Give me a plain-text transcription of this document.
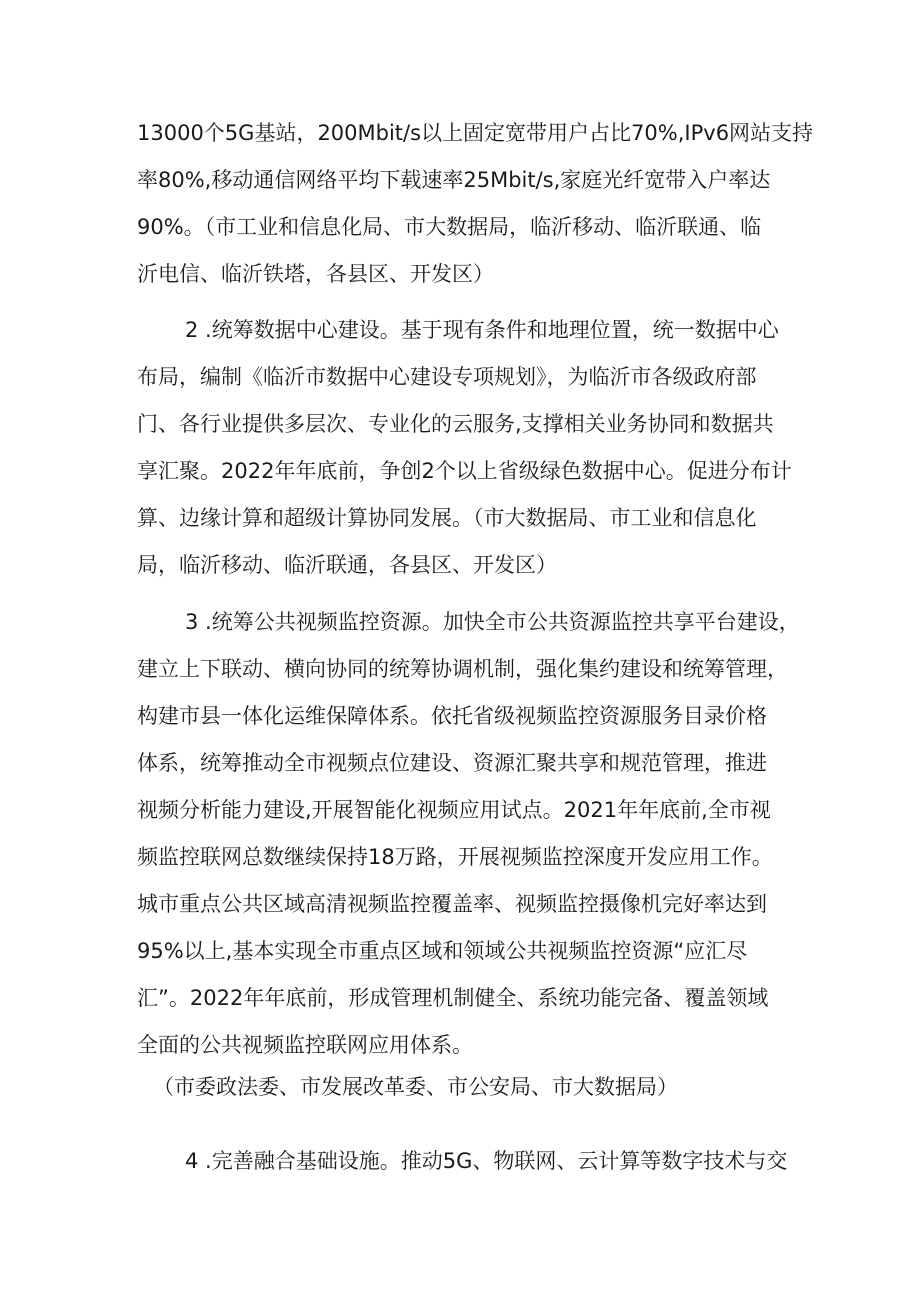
13000个5G基站，200Mbit/s以上固定宽带用户占比70%,IPv6网站支持
率80%,移动通信网络平均下载速率25Mbit/s,家庭光纤宽带入户率达
90%。（市工业和信息化局、市大数据局，临沂移动、临沂联通、临
沂电信、临沂铁塔，各县区、开发区）
2 .统筹数据中心建设。基于现有条件和地理位置，统一数据中心
布局，编制《临沂市数据中心建设专项规划》，为临沂市各级政府部
门、各行业提供多层次、专业化的云服务,支撑相关业务协同和数据共
享汇聚。2022年年底前，争创2个以上省级绿色数据中心。促进分布计
算、边缘计算和超级计算协同发展。（市大数据局、市工业和信息化
局，临沂移动、临沂联通，各县区、开发区）
3 .统筹公共视频监控资源。加快全市公共资源监控共享平台建设，
建立上下联动、横向协同的统筹协调机制，强化集约建设和统筹管理，
构建市县一体化运维保障体系。依托省级视频监控资源服务目录价格
体系，统筹推动全市视频点位建设、资源汇聚共享和规范管理，推进
视频分析能力建设,开展智能化视频应用试点。2021年年底前,全市视
频监控联网总数继续保持18万路，开展视频监控深度开发应用工作。
城市重点公共区域高清视频监控覆盖率、视频监控摄像机完好率达到
95%以上,基本实现全市重点区域和领域公共视频监控资源“应汇尽
汇”。2022年年底前，形成管理机制健全、系统功能完备、覆盖领域
全面的公共视频监控联网应用体系。
（市委政法委、市发展改革委、市公安局、市大数据局）
4 .完善融合基础设施。推动5G、物联网、云计算等数字技术与交
